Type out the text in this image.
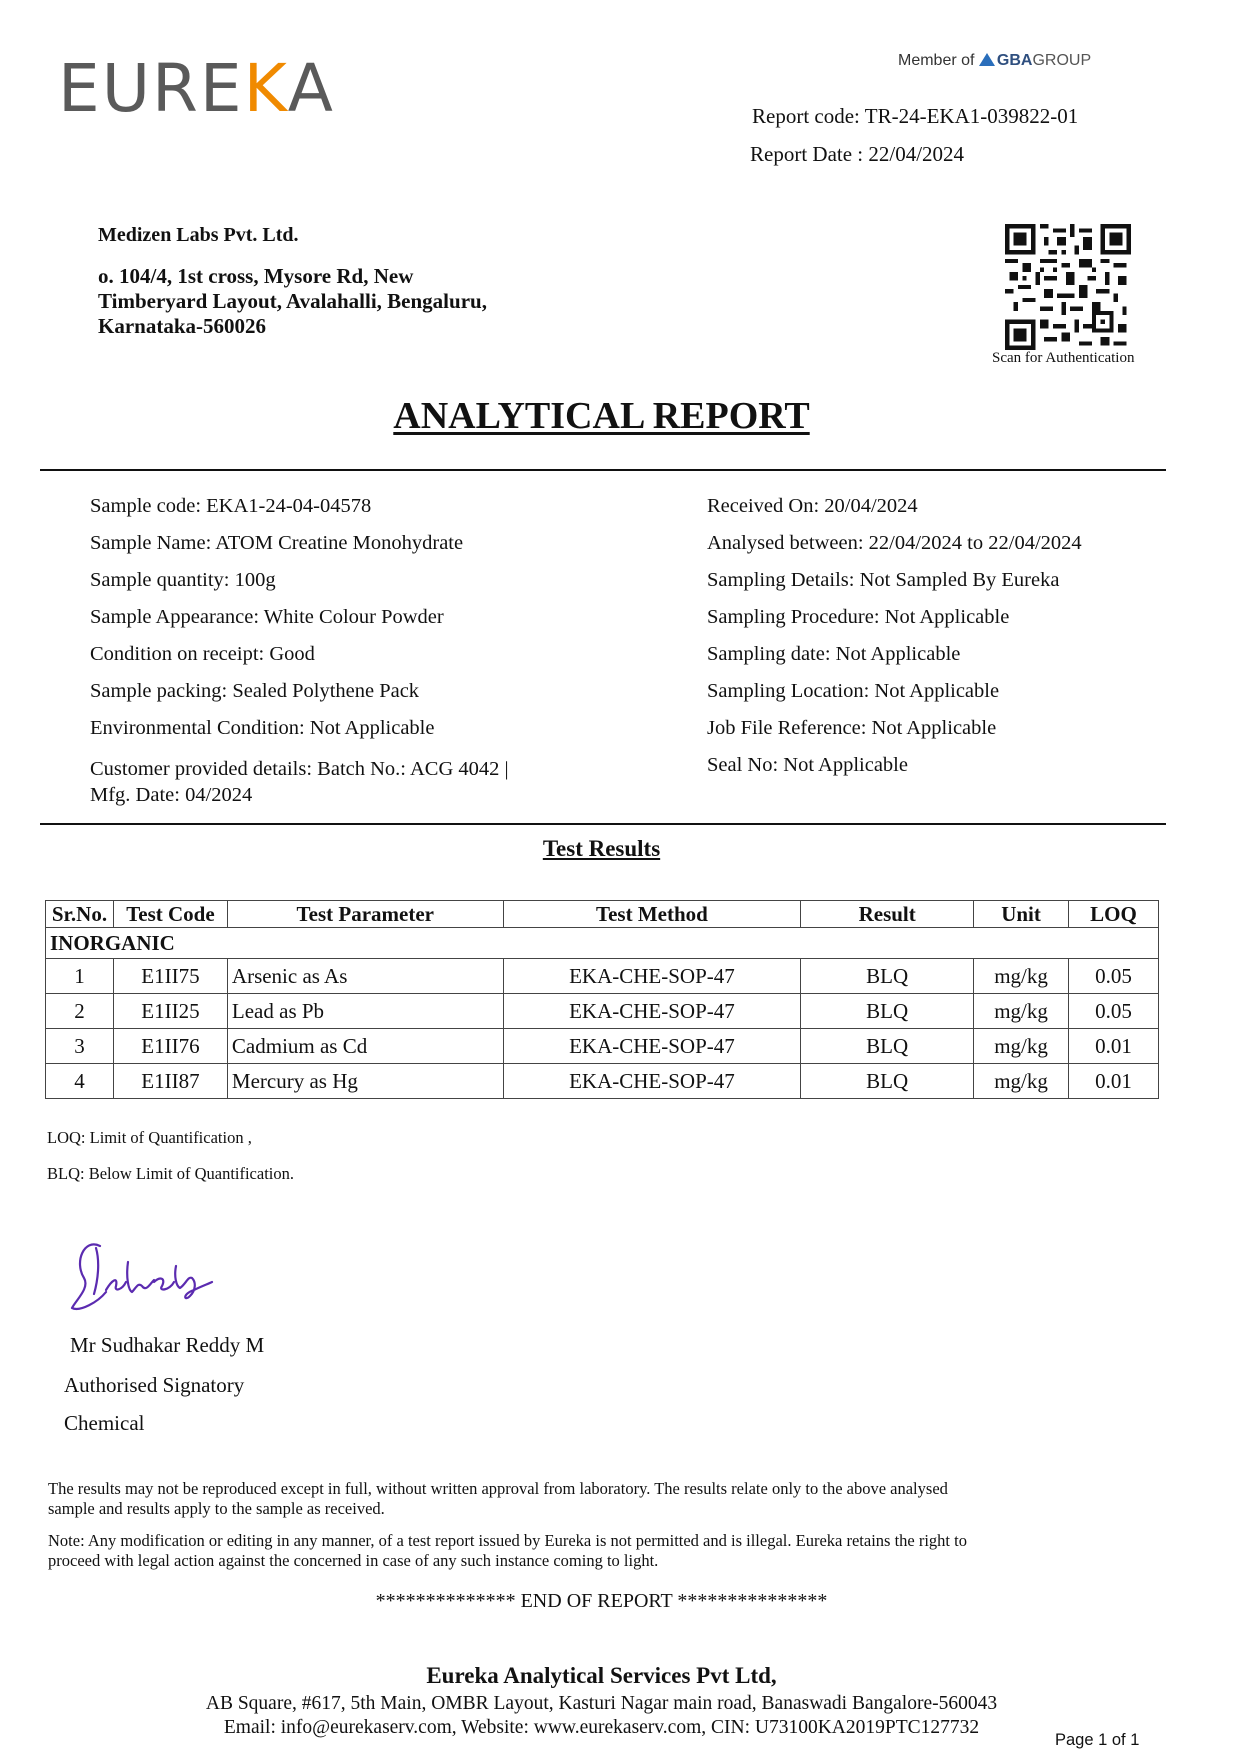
EUREKA	Member of GBAGROUP
Report code: TR-24-EKA1-039822-01
Report Date : 22/04/2024
Medizen Labs Pvt. Ltd.
o. 104/4, 1st cross, Mysore Rd, New
Timberyard Layout, Avalahalli, Bengaluru,
Karnataka-560026
Scan for Authentication
ANALYTICAL REPORT
Sample code: EKA1-24-04-04578
Sample Name: ATOM Creatine Monohydrate
Sample quantity: 100g
Sample Appearance: White Colour Powder
Condition on receipt: Good
Sample packing: Sealed Polythene Pack
Environmental Condition: Not Applicable
Customer provided details: Batch No.: ACG 4042 |
Mfg. Date: 04/2024
Received On: 20/04/2024
Analysed between: 22/04/2024 to 22/04/2024
Sampling Details: Not Sampled By Eureka
Sampling Procedure: Not Applicable
Sampling date: Not Applicable
Sampling Location: Not Applicable
Job File Reference: Not Applicable
Seal No: Not Applicable
Test Results
Sr.No.	Test Code	Test Parameter	Test Method	Result	Unit	LOQ
INORGANIC						
1	E1II75	Arsenic as As	EKA-CHE-SOP-47	BLQ	mg/kg	0.05
2	E1II25	Lead as Pb	EKA-CHE-SOP-47	BLQ	mg/kg	0.05
3	E1II76	Cadmium as Cd	EKA-CHE-SOP-47	BLQ	mg/kg	0.01
4	E1II87	Mercury as Hg	EKA-CHE-SOP-47	BLQ	mg/kg	0.01
LOQ: Limit of Quantification ,
BLQ: Below Limit of Quantification.
Mr Sudhakar Reddy M
Authorised Signatory
Chemical
The results may not be reproduced except in full, without written approval from laboratory. The results relate only to the above analysed
sample and results apply to the sample as received.
Note: Any modification or editing in any manner, of a test report issued by Eureka is not permitted and is illegal. Eureka retains the right to
proceed with legal action against the concerned in case of any such instance coming to light.
************** END OF REPORT ***************
Eureka Analytical Services Pvt Ltd,
AB Square, #617, 5th Main, OMBR Layout, Kasturi Nagar main road, Banaswadi Bangalore-560043
Email: info@eurekaserv.com, Website: www.eurekaserv.com, CIN: U73100KA2019PTC127732
Page 1 of 1
